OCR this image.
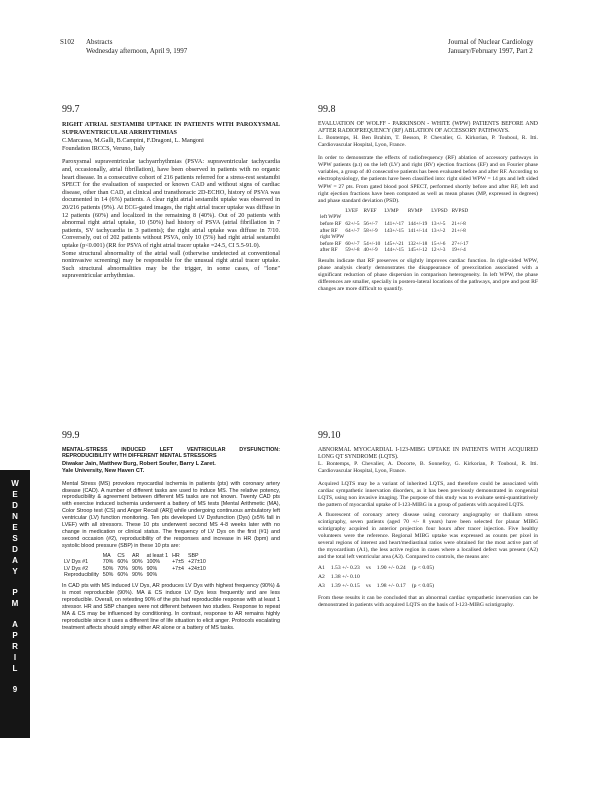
S102 Abstracts
Wednesday afternoon, April 9, 1997
Journal of Nuclear Cardiology
January/February 1997, Part 2
99.7
RIGHT ATRIAL SESTAMIBI UPTAKE IN PATIENTS WITH PAROXYSMAL SUPRAVENTRICULAR ARRHYTHMIAS
C.Marcassa, M.Galli, B.Campini, F.Dragoni, L. Mangoni
Foundation IRCCS, Veruno, Italy

Paroxysmal supraventricular tachyarrhythmias (PSVA: supraventricular tachycardia and, occasionally, atrial fibrillation), have been observed in patients with no organic heart disease. In a consecutive cohort of 216 patients referred for a stress-rest sestamibi SPECT for the evaluation of suspected or known CAD and without signs of cardiac disease, other than CAD, at clinical and transthoracic 2D-ECHO, history of PSVA was documented in 14 (6%) patients. A clear right atrial sestamibi uptake was observed in 20/216 patients (9%). At ECG-gated images, the right atrial tracer uptake was diffuse in 12 patients (60%) and localized in the remaining 8 (40%). Out of 20 patients with abnormal right atrial uptake, 10 (50%) had history of PSVA (atrial fibrillation in 7 patients, SV tachycardia in 3 patients); the right atrial uptake was diffuse in 7/10. Conversely, out of 202 patients without PSVA, only 10 (5%) had right atrial sestamibi uptake (p<0.001) (RR for PSVA of right atrial tracer uptake =24.5, CI 5.5-91.0).

Some structural abnormality of the atrial wall (otherwise undetected at conventional noninvasive screening) may be responsible for the unusual right atrial tracer uptake. Such structural abnormalities may be the trigger, in some cases, of "lone" supraventricular arrhythmias.

99.8
EVALUATION OF WOLFF - PARKINSON - WHITE (WPW) PATIENTS BEFORE AND AFTER RADIOFREQUENCY (RF) ABLATION OF ACCESSORY PATHWAYS.
L. Bontemps, H. Ben Brahim, T. Besson, P. Chevalier, G. Kirkorian, P. Touboul, R. Itti. Cardiovascular Hospital, Lyon, France.

In order to demonstrate the effects of radiofrequency (RF) ablation of accessory pathways in WPW patients (p.t) on the left (LV) and right (RV) ejection fractions (EF) and on Fourier phase variables, a group of 40 consecutive patients has been evaluated before and after RF. According to electrophysiology, the patients have been classified into: right sided WPW = 14 pts and left sided WPW = 27 pts. From gated blood pool SPECT, performed shortly before and after RF, left and right ejection fractions have been computed as well as mean phases (MP, expressed in degrees) and phase standard deviation (PSD).

	LVEF	RVEF	LVMP	RVMP	LVPSD	RVPSD
left WPW						
before RF	62+/-5	56+/-7	141+/-17	144+/-19	13+/-5	21+/-8
after RF	64+/-7	58+/-9	143+/-15	141+/-14	13+/-2	21+/-8
right WPW						
before RF	60+/-7	54+/-10	145+/-21	132+/-18	15+/-6	27+/-17
after RF	59+/-8	40+/-9	144+/-15	145+/-12	12+/-3	19+/-4

Results indicate that RF preserves or slightly improves cardiac function. In right-sided WPW, phase analysis clearly demonstrates the disappearance of preexcitation associated with a significant reduction of phase dispersion in comparison heterogeneity. In left WPW, the phase differences are smaller, specially in postero-lateral locations of the pathways, and pre and post RF changes are more difficult to quantify.

W
E
D
N
E
S
D
A
Y
P
M
A
P
R
I
L
9
99.9
MENTAL-STRESS INDUCED LEFT VENTRICULAR DYSFUNCTION: REPRODUCIBILITY WITH DIFFERENT MENTAL STRESSORS
Diwakar Jain, Matthew Burg, Robert Soufer, Barry L Zaret.
Yale University, New Haven CT.

Mental Stress (MS) provokes myocardial ischemia in patients (pts) with coronary artery disease (CAD). A number of different tasks are used to induce MS. The relative potency, reproducibility & agreement between different MS tasks are not known. Twenty CAD pts with exercise induced ischemia underwent a battery of MS tests [Mental Arithmetic (MA), Color Stroop test (CS) and Anger Recall (AR)] while undergoing continuous ambulatory left ventricular (LV) function monitoring. Ten pts developed LV Dysfunction (Dys) (≥5% fall in LVEF) with all stressors. These 10 pts underwent second MS 4-8 weeks later with no change in medication or clinical status. The frequency of LV Dys on the first (#1) and second occasion (#2), reproducibility of the responses and increase in HR (bpm) and systolic blood pressure (SBP) in these 10 pts are:

	MA	CS	AR	at least 1	HR	SBP
LV Dys #1	70%	60%	90%	100%	+7±5	+27±10
LV Dys #2	50%	70%	90%	90%	+7±4	+24±10
Reproducibility	50%	60%	90%	90%		

In CAD pts with MS induced LV Dys, AR produces LV Dys with highest frequency (90%) & is most reproducible (90%). MA & CS induce LV Dys less frequently and are less reproducible. Overall, on retesting 90% of the pts had reproducible response with at least 1 stressor. HR and SBP changes were not different between two studies. Response to repeat MA & CS may be influenced by conditioning. In contrast, response to AR remains highly reproducible since it uses a different line of life situation to elicit anger. Protocols escalating treatment affects should simply either AR alone or a battery of MS tasks.

99.10
ABNORMAL MYOCARDIAL I-123-MIBG UPTAKE IN PATIENTS WITH ACQUIRED LONG QT SYNDROME (LQTS).
L. Bontemps, P. Chevalier, A. Docorte, B. Sonnefoy, G. Kirkorian, P. Touboul, R. Itti. Cardiovascular Hospital, Lyon, France.

Acquired LQTS may be a variant of inherited LQTS, and therefore could be associated with cardiac sympathetic innervation disorders, as it has been previously demonstrated in congenital LQTS, using non invasive imaging. The purpose of this study was to evaluate semi-quantitatively the pattern of myocardial uptake of I-123-MIBG in a group of patients with acquired LQTS.

A fluorescent of coronary artery disease using coronary angiography or thallium stress scintigraphy, seven patients (aged 70 +/- 8 years) have been selected for planar MIBG scintigraphy acquired in anterior projection four hours after tracer injection. Five healthy volunteers were the reference. Regional MIBG uptake was expressed as counts per pixel in several regions of interest and heart/mediastinal ratios were obtained for the most active part of the myocardium (A1), the less active region in cases where a localised defect was present (A2) and the total left ventricular area (A3). Compared to controls, the means are:

A1	1.53 +/- 0.23	vs	1.90 +/- 0.24	(p < 0.05)
A2	1.38 +/- 0.10			
A3	1.39 +/- 0.15	vs	1.98 +/- 0.17	(p < 0.05)

From these results it can be concluded that an abnormal cardiac sympathetic innervation can be demonstrated in patients with acquired LQTS on the basis of I-123-MIBG scintigraphy.
